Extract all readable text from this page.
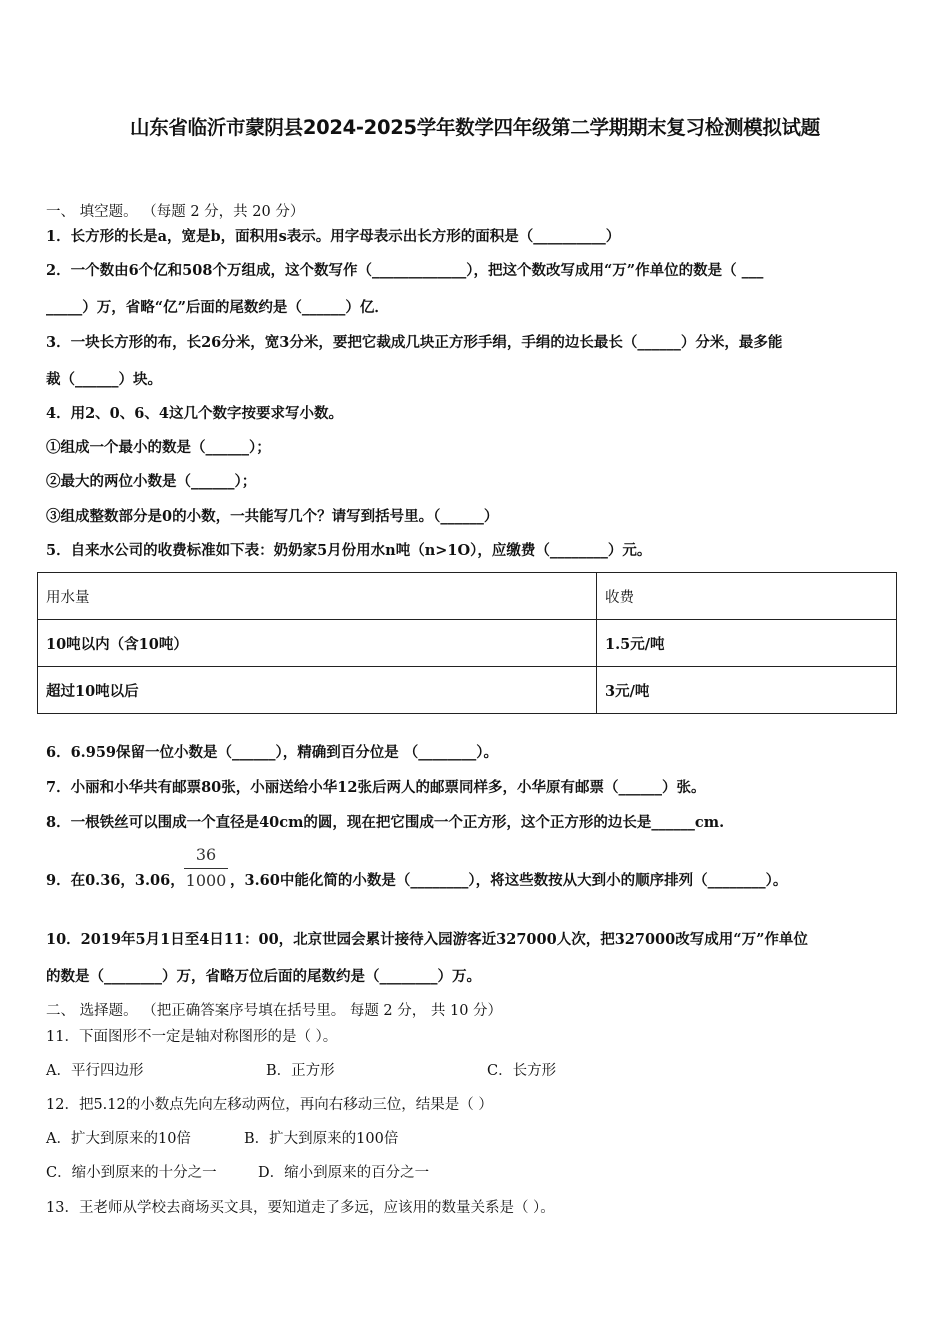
山东省临沂市蒙阴县2024-2025学年数学四年级第二学期期末复习检测模拟试题
一、 填空题。 （每题 2 分，共 20 分）
1．长方形的长是a，宽是b，面积用s表示。用字母表示出长方形的面积是（__________）
2．一个数由6个亿和508个万组成，这个数写作（_____________），把这个数改写成用“万”作单位的数是（ ___
_____）万，省略“亿”后面的尾数约是（______）亿．
3．一块长方形的布，长26分米，宽3分米，要把它裁成几块正方形手绢，手绢的边长最长（______）分米，最多能
裁（______）块。
4．用2、0、6、4这几个数字按要求写小数。
①组成一个最小的数是（______）；
②最大的两位小数是（______）；
③组成整数部分是0的小数，一共能写几个？请写到括号里。（______）
5．自来水公司的收费标准如下表：奶奶家5月份用水n吨（n>1O），应缴费（________）元。
用水量	收费
10吨以内（含10吨）	1.5元/吨
超过10吨以后	3元/吨
6．6.959保留一位小数是（______），精确到百分位是 （________）。
7．小丽和小华共有邮票80张，小丽送给小华12张后两人的邮票同样多，小华原有邮票（______）张。
8．一根铁丝可以围成一个直径是40cm的圆，现在把它围成一个正方形，这个正方形的边长是______cm.
9．在0.36，3.06，
36
1000 ，3.60中能化简的小数是（________），将这些数按从大到小的顺序排列（________）。
10．2019年5月1日至4日11：00，北京世园会累计接待入园游客近327000人次，把327000改写成用“万”作单位
的数是（________）万，省略万位后面的尾数约是（________）万。
二、 选择题。 （把正确答案序号填在括号里。 每题 2 分， 共 10 分）
11．下面图形不一定是轴对称图形的是（ ）。
A．平行四边形	B．正方形	C．长方形
12．把5.12的小数点先向左移动两位，再向右移动三位，结果是（ ）
A．扩大到原来的10倍	B．扩大到原来的100倍
C．缩小到原来的十分之一	D．缩小到原来的百分之一
13．王老师从学校去商场买文具，要知道走了多远，应该用的数量关系是（ ）。
